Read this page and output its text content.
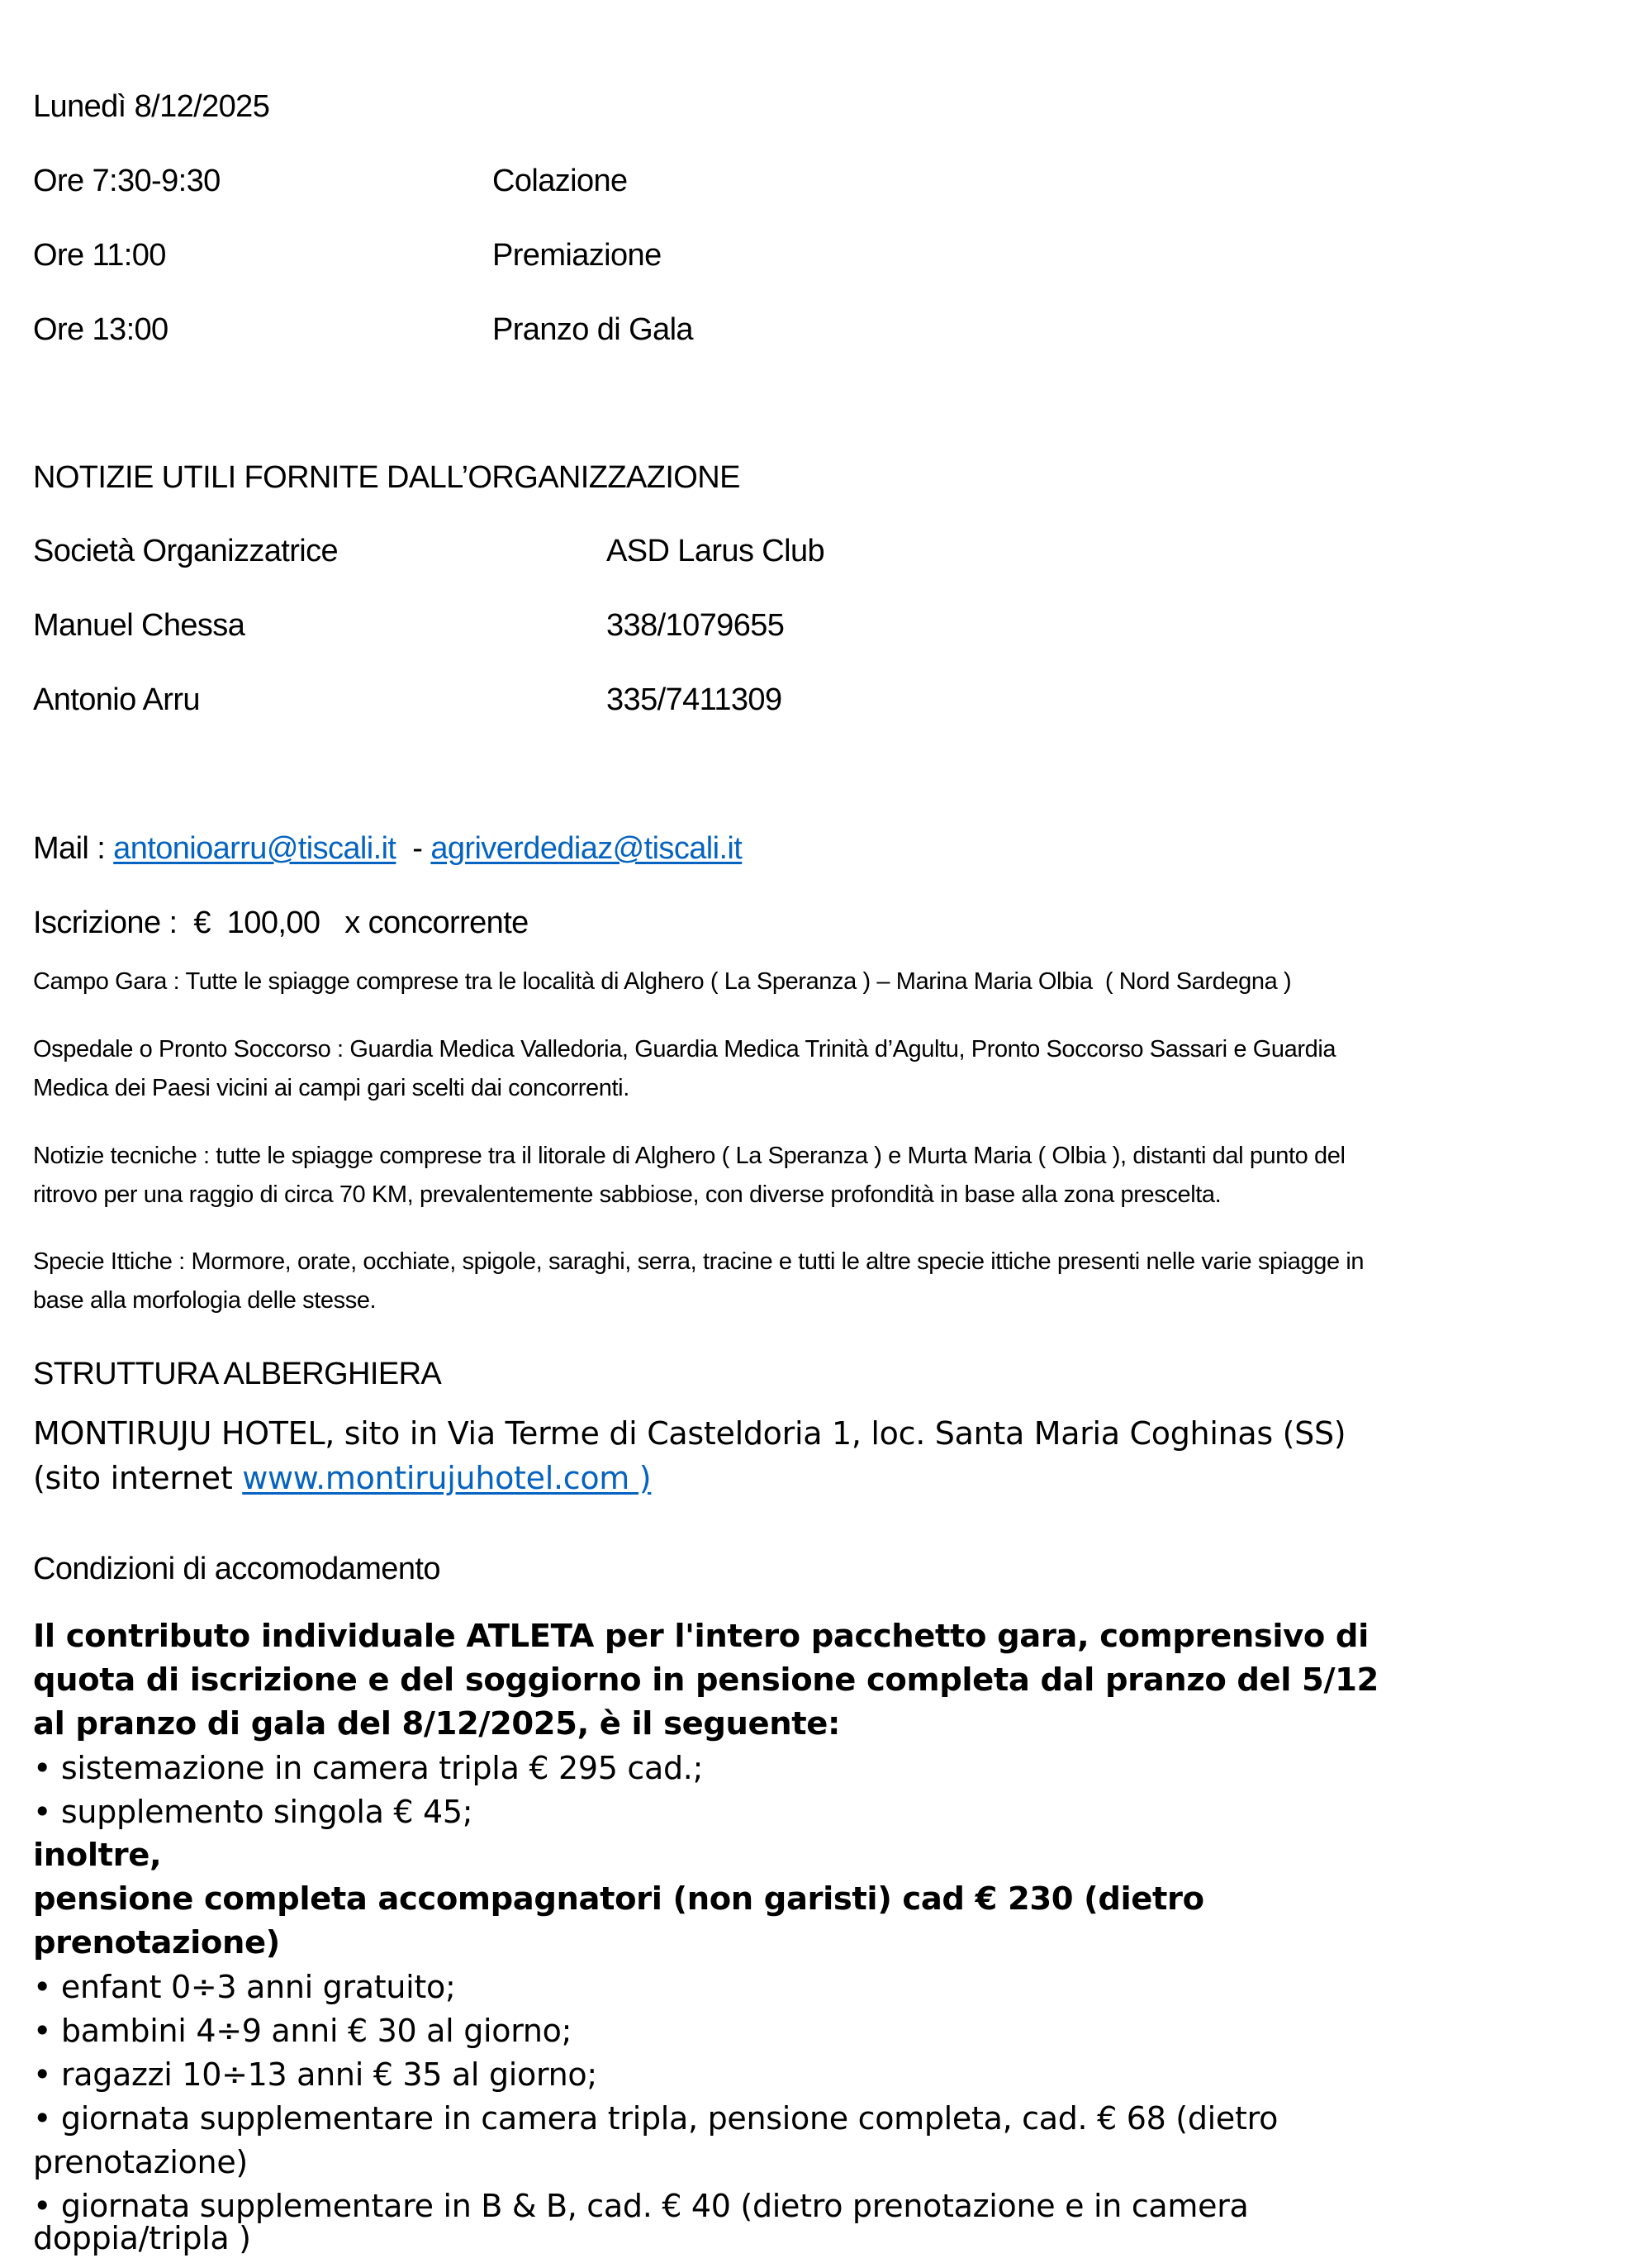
Lunedì 8/12/2025
Ore 7:30-9:30	Colazione
Ore 11:00	Premiazione
Ore 13:00	Pranzo di Gala
NOTIZIE UTILI FORNITE DALL’ORGANIZZAZIONE
Società Organizzatrice	ASD Larus Club
Manuel Chessa	338/1079655
Antonio Arru	335/7411309
Mail : antonioarru@tiscali.it - agriverdediaz@tiscali.it
Iscrizione :  €  100,00   x concorrente
Campo Gara : Tutte le spiagge comprese tra le località di Alghero ( La Speranza ) – Marina Maria Olbia  ( Nord Sardegna )
Ospedale o Pronto Soccorso : Guardia Medica Valledoria, Guardia Medica Trinità d’Agultu, Pronto Soccorso Sassari e Guardia
Medica dei Paesi vicini ai campi gari scelti dai concorrenti.
Notizie tecniche : tutte le spiagge comprese tra il litorale di Alghero ( La Speranza ) e Murta Maria ( Olbia ), distanti dal punto del
ritrovo per una raggio di circa 70 KM, prevalentemente sabbiose, con diverse profondità in base alla zona prescelta.
Specie Ittiche : Mormore, orate, occhiate, spigole, saraghi, serra, tracine e tutti le altre specie ittiche presenti nelle varie spiagge in
base alla morfologia delle stesse.
STRUTTURA ALBERGHIERA
MONTIRUJU HOTEL, sito in Via Terme di Casteldoria 1, loc. Santa Maria Coghinas (SS)
(sito internet www.montirujuhotel.com )
Condizioni di accomodamento
Il contributo individuale ATLETA per l'intero pacchetto gara, comprensivo di
quota di iscrizione e del soggiorno in pensione completa dal pranzo del 5/12
al pranzo di gala del 8/12/2025, è il seguente:
• sistemazione in camera tripla € 295 cad.;
• supplemento singola € 45;
inoltre,
pensione completa accompagnatori (non garisti) cad € 230 (dietro
prenotazione)
• enfant 0÷3 anni gratuito;
• bambini 4÷9 anni € 30 al giorno;
• ragazzi 10÷13 anni € 35 al giorno;
• giornata supplementare in camera tripla, pensione completa, cad. € 68 (dietro
prenotazione)
• giornata supplementare in B & B, cad. € 40 (dietro prenotazione e in camera
doppia/tripla )
